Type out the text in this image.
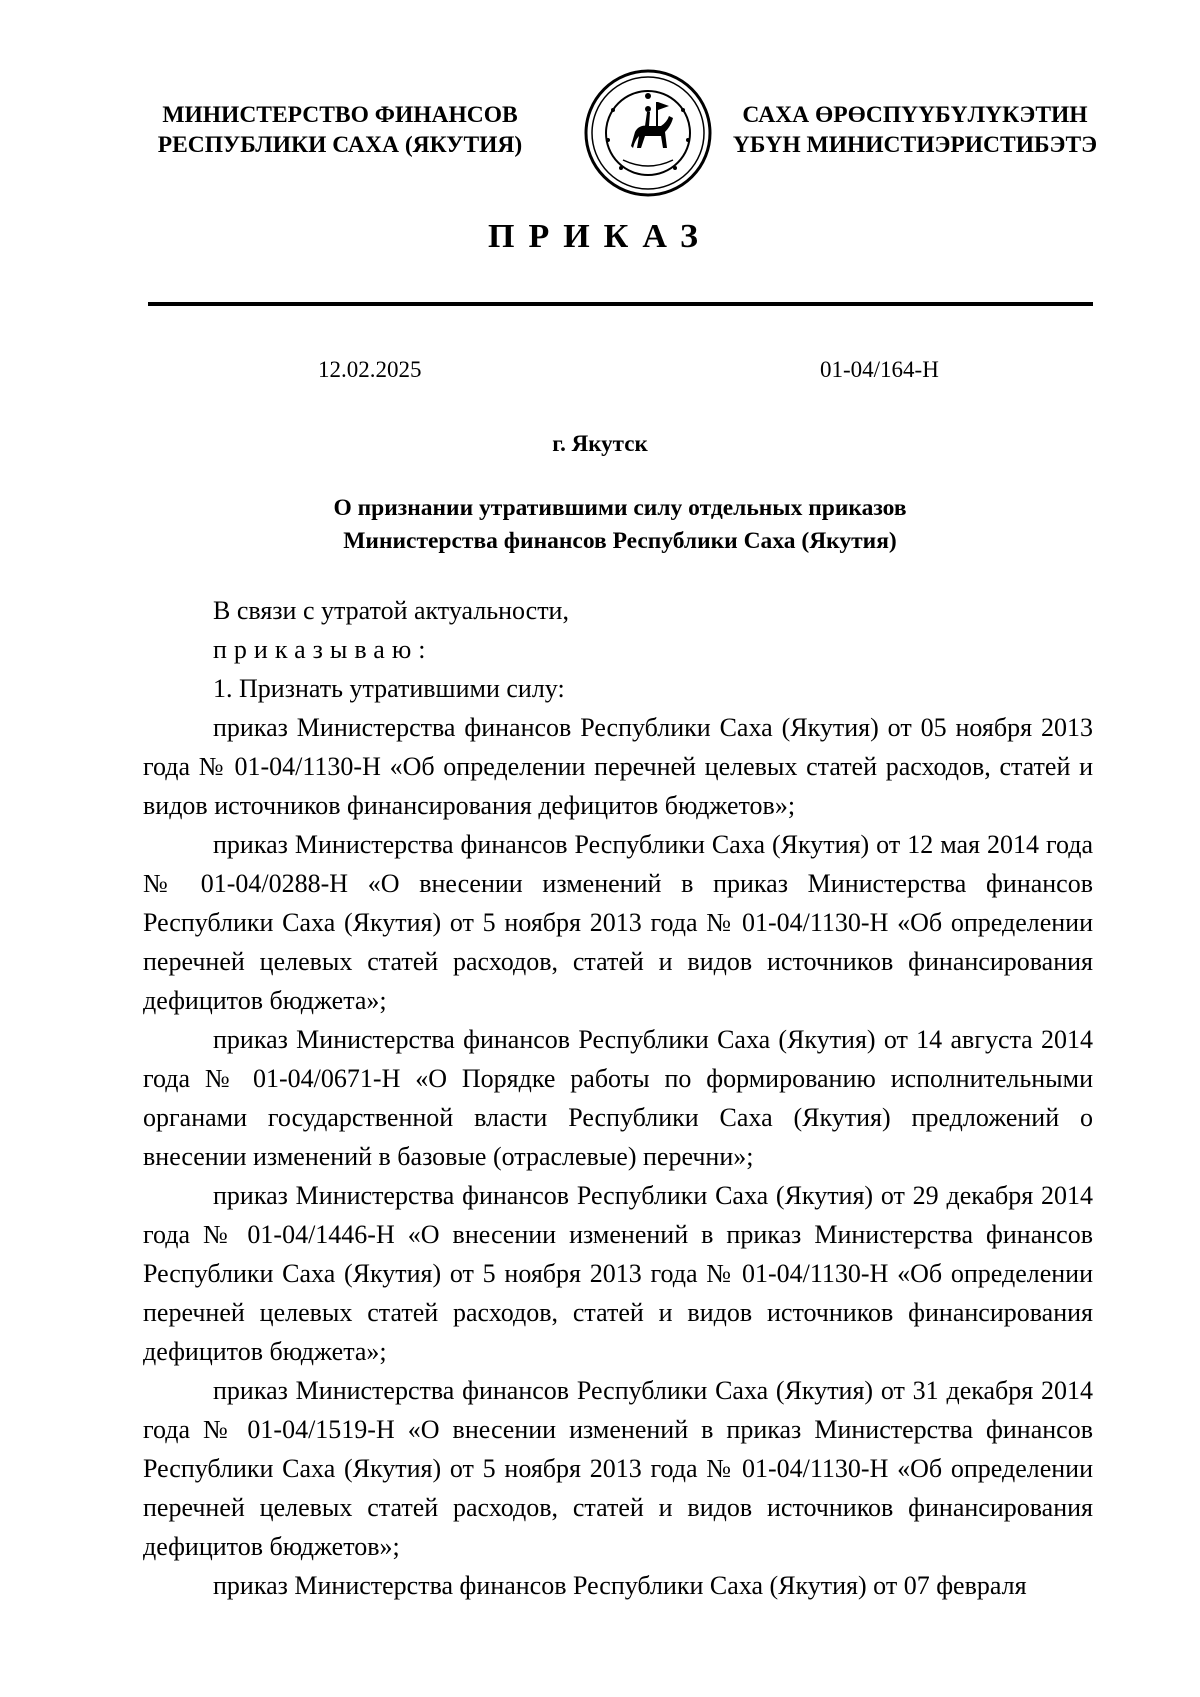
МИНИСТЕРСТВО ФИНАНСОВ
РЕСПУБЛИКИ САХА (ЯКУТИЯ)
САХА ӨРӨСПҮҮБҮЛҮКЭТИН
ҮБҮН МИНИСТИЭРИСТИБЭТЭ
ПРИКАЗ
12.02.2025	01-04/164-Н
г. Якутск
О признании утратившими силу отдельных приказов
Министерства финансов Республики Саха (Якутия)

В связи с утратой актуальности,

приказываю:

1. Признать утратившими силу:

приказ Министерства финансов Республики Саха (Якутия) от 05 ноября 2013 года № 01-04/1130-Н «Об определении перечней целевых статей расходов, статей и видов источников финансирования дефицитов бюджетов»;

приказ Министерства финансов Республики Саха (Якутия) от 12 мая 2014 года № 01-04/0288-Н «О внесении изменений в приказ Министерства финансов Республики Саха (Якутия) от 5 ноября 2013 года № 01-04/1130-Н «Об определении перечней целевых статей расходов, статей и видов источников финансирования дефицитов бюджета»;

приказ Министерства финансов Республики Саха (Якутия) от 14 августа 2014 года № 01-04/0671-Н «О Порядке работы по формированию исполнительными органами государственной власти Республики Саха (Якутия) предложений о внесении изменений в базовые (отраслевые) перечни»;

приказ Министерства финансов Республики Саха (Якутия) от 29 декабря 2014 года № 01-04/1446-Н «О внесении изменений в приказ Министерства финансов Республики Саха (Якутия) от 5 ноября 2013 года № 01-04/1130-Н «Об определении перечней целевых статей расходов, статей и видов источников финансирования дефицитов бюджета»;

приказ Министерства финансов Республики Саха (Якутия) от 31 декабря 2014 года № 01-04/1519-Н «О внесении изменений в приказ Министерства финансов Республики Саха (Якутия) от 5 ноября 2013 года № 01-04/1130-Н «Об определении перечней целевых статей расходов, статей и видов источников финансирования дефицитов бюджетов»;

приказ Министерства финансов Республики Саха (Якутия) от 07 февраля
